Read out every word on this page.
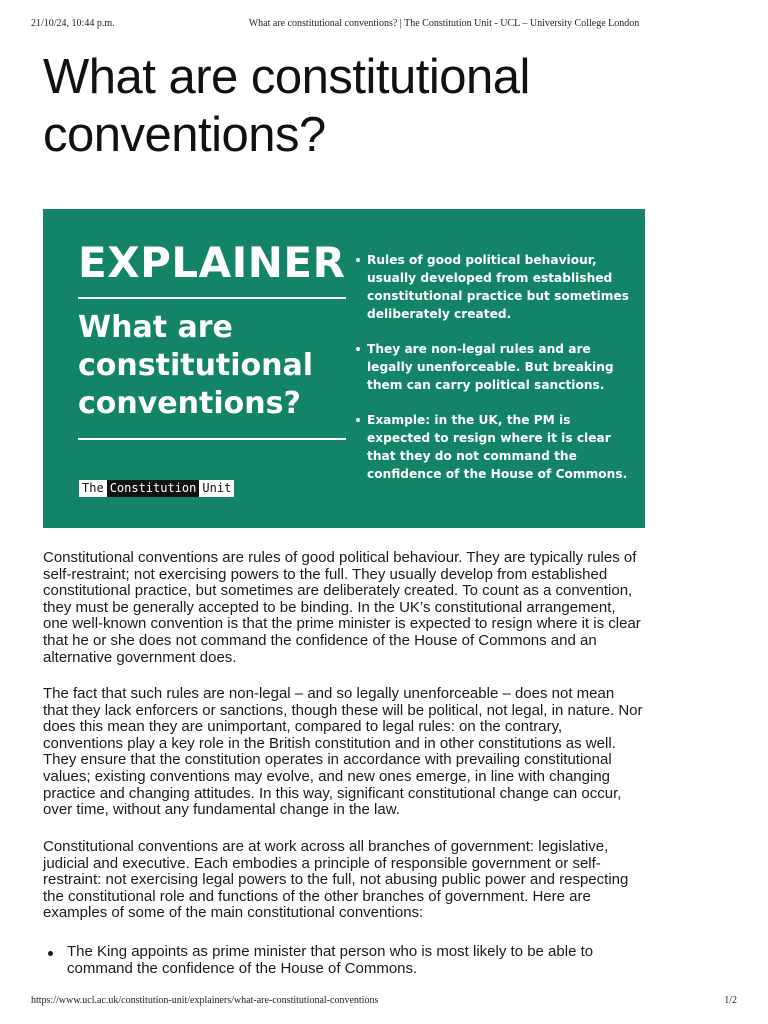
21/10/24, 10:44 p.m.	What are constitutional conventions? | The Constitution Unit - UCL – University College London
What are constitutional conventions?
EXPLAINER
What are constitutional conventions?
The Constitution Unit
Rules of good political behaviour, usually developed from established constitutional practice but sometimes deliberately created.
They are non-legal rules and are legally unenforceable. But breaking them can carry political sanctions.
Example: in the UK, the PM is expected to resign where it is clear that they do not command the confidence of the House of Commons.

Constitutional conventions are rules of good political behaviour. They are typically rules of self-restraint; not exercising powers to the full. They usually develop from established constitutional practice, but sometimes are deliberately created. To count as a convention, they must be generally accepted to be binding. In the UK’s constitutional arrangement, one well-known convention is that the prime minister is expected to resign where it is clear that he or she does not command the confidence of the House of Commons and an alternative government does.

The fact that such rules are non-legal – and so legally unenforceable – does not mean that they lack enforcers or sanctions, though these will be political, not legal, in nature. Nor does this mean they are unimportant, compared to legal rules: on the contrary, conventions play a key role in the British constitution and in other constitutions as well. They ensure that the constitution operates in accordance with prevailing constitutional values; existing conventions may evolve, and new ones emerge, in line with changing practice and changing attitudes. In this way, significant constitutional change can occur, over time, without any fundamental change in the law.

Constitutional conventions are at work across all branches of government: legislative, judicial and executive. Each embodies a principle of responsible government or self-restraint: not exercising legal powers to the full, not abusing public power and respecting the constitutional role and functions of the other branches of government. Here are examples of some of the main constitutional conventions:

The King appoints as prime minister that person who is most likely to be able to command the confidence of the House of Commons.
https://www.ucl.ac.uk/constitution-unit/explainers/what-are-constitutional-conventions	1/2
